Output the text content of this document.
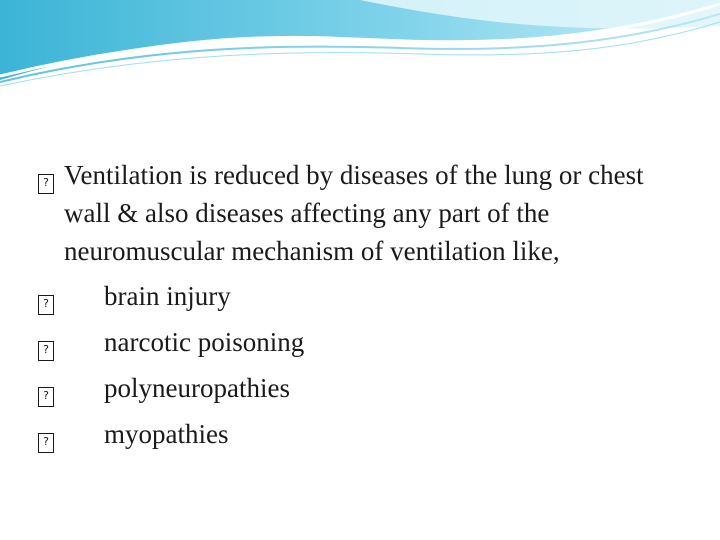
? Ventilation is reduced by diseases of the lung or chest wall & also diseases affecting any part of the neuromuscular mechanism of ventilation like,
? brain injury
? narcotic poisoning
? polyneuropathies
? myopathies
